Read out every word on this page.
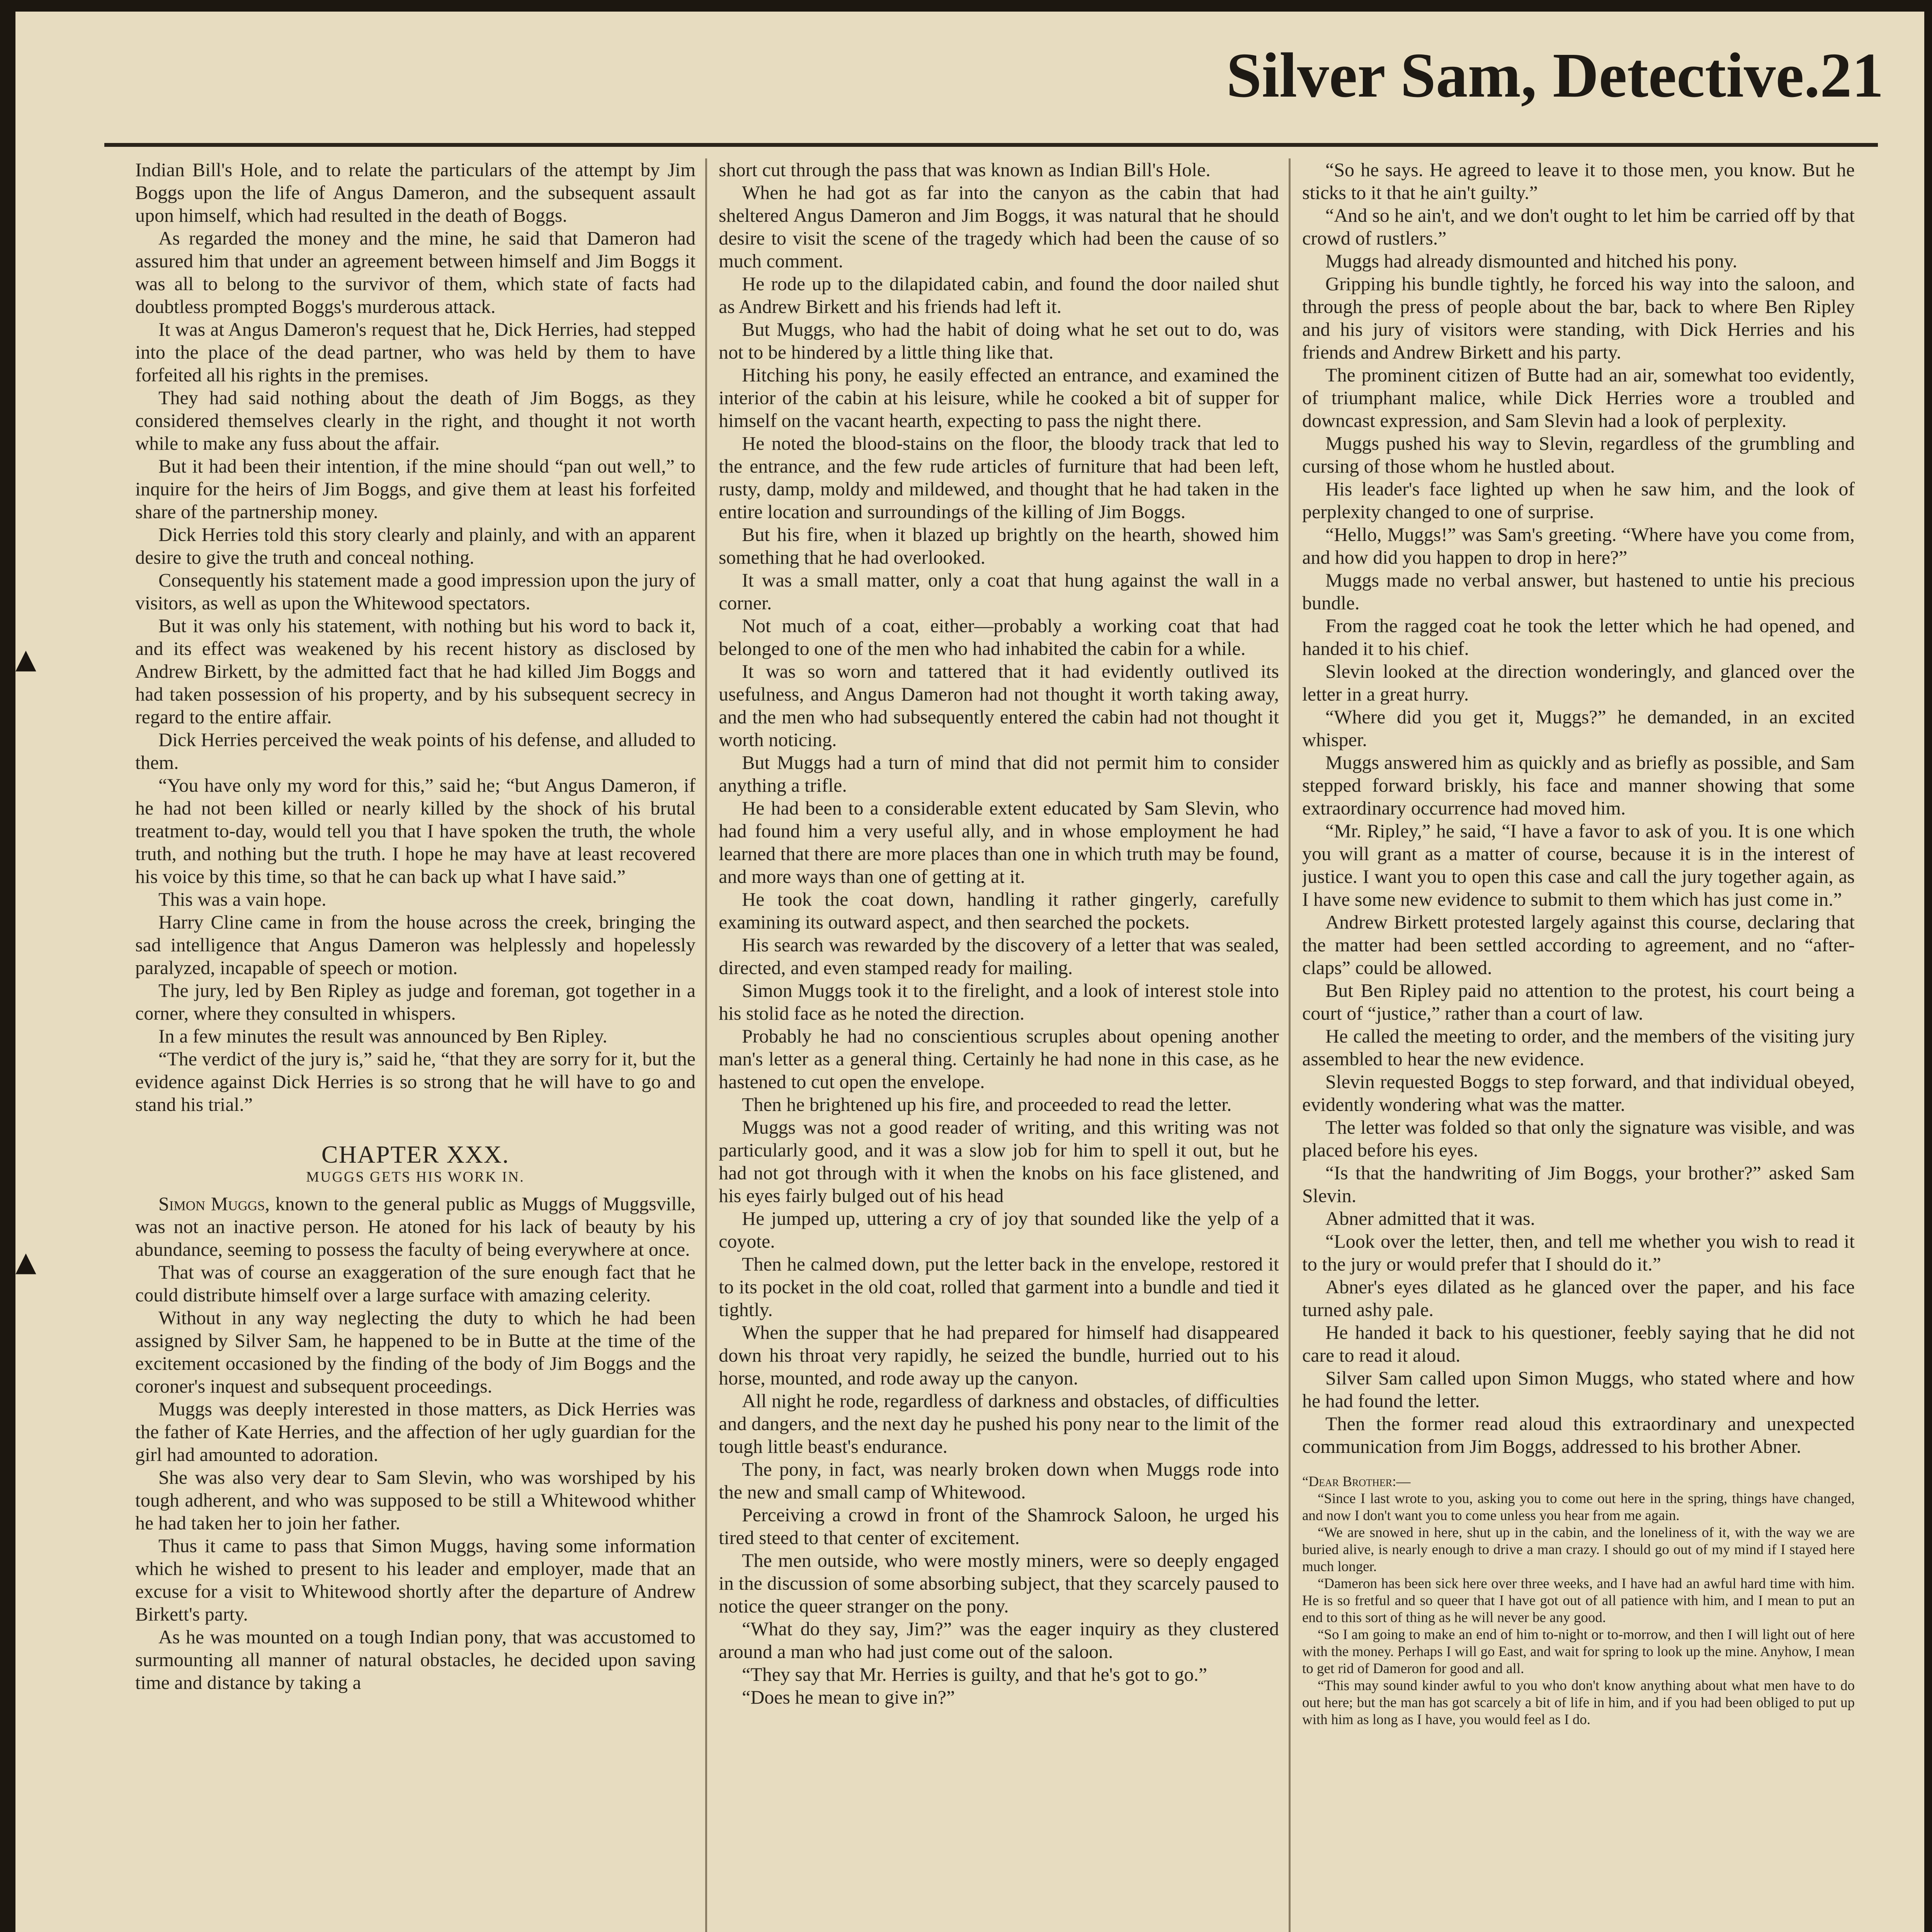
Silver Sam, Detective. 21

Indian Bill's Hole, and to relate the particulars of the attempt by Jim Boggs upon the life of Angus Dameron, and the subsequent assault upon himself, which had resulted in the death of Boggs.

As regarded the money and the mine, he said that Dameron had assured him that under an agreement between himself and Jim Boggs it was all to belong to the survivor of them, which state of facts had doubtless prompted Boggs's murderous attack.

It was at Angus Dameron's request that he, Dick Herries, had stepped into the place of the dead partner, who was held by them to have forfeited all his rights in the premises.

They had said nothing about the death of Jim Boggs, as they considered themselves clearly in the right, and thought it not worth while to make any fuss about the affair.

But it had been their intention, if the mine should “pan out well,” to inquire for the heirs of Jim Boggs, and give them at least his forfeited share of the partnership money.

Dick Herries told this story clearly and plainly, and with an apparent desire to give the truth and conceal nothing.

Consequently his statement made a good impression upon the jury of visitors, as well as upon the Whitewood spectators.

But it was only his statement, with nothing but his word to back it, and its effect was weakened by his recent history as disclosed by Andrew Birkett, by the admitted fact that he had killed Jim Boggs and had taken possession of his property, and by his subsequent secrecy in regard to the entire affair.

Dick Herries perceived the weak points of his defense, and alluded to them.

“You have only my word for this,” said he; “but Angus Dameron, if he had not been killed or nearly killed by the shock of his brutal treatment to-day, would tell you that I have spoken the truth, the whole truth, and nothing but the truth. I hope he may have at least recovered his voice by this time, so that he can back up what I have said.”

This was a vain hope.

Harry Cline came in from the house across the creek, bringing the sad intelligence that Angus Dameron was helplessly and hopelessly paralyzed, incapable of speech or motion.

The jury, led by Ben Ripley as judge and foreman, got together in a corner, where they consulted in whispers.

In a few minutes the result was announced by Ben Ripley.

“The verdict of the jury is,” said he, “that they are sorry for it, but the evidence against Dick Herries is so strong that he will have to go and stand his trial.”

CHAPTER XXX.
MUGGS GETS HIS WORK IN.

Simon Muggs, known to the general public as Muggs of Muggsville, was not an inactive person. He atoned for his lack of beauty by his abundance, seeming to possess the faculty of being everywhere at once.

That was of course an exaggeration of the sure enough fact that he could distribute himself over a large surface with amazing celerity.

Without in any way neglecting the duty to which he had been assigned by Silver Sam, he happened to be in Butte at the time of the excitement occasioned by the finding of the body of Jim Boggs and the coroner's inquest and subsequent proceedings.

Muggs was deeply interested in those matters, as Dick Herries was the father of Kate Herries, and the affection of her ugly guardian for the girl had amounted to adoration.

She was also very dear to Sam Slevin, who was worshiped by his tough adherent, and who was supposed to be still a Whitewood whither he had taken her to join her father.

Thus it came to pass that Simon Muggs, having some information which he wished to present to his leader and employer, made that an excuse for a visit to Whitewood shortly after the departure of Andrew Birkett's party.

As he was mounted on a tough Indian pony, that was accustomed to surmounting all manner of natural obstacles, he decided upon saving time and distance by taking a

short cut through the pass that was known as Indian Bill's Hole.

When he had got as far into the canyon as the cabin that had sheltered Angus Dameron and Jim Boggs, it was natural that he should desire to visit the scene of the tragedy which had been the cause of so much comment.

He rode up to the dilapidated cabin, and found the door nailed shut as Andrew Birkett and his friends had left it.

But Muggs, who had the habit of doing what he set out to do, was not to be hindered by a little thing like that.

Hitching his pony, he easily effected an entrance, and examined the interior of the cabin at his leisure, while he cooked a bit of supper for himself on the vacant hearth, expecting to pass the night there.

He noted the blood-stains on the floor, the bloody track that led to the entrance, and the few rude articles of furniture that had been left, rusty, damp, moldy and mildewed, and thought that he had taken in the entire location and surroundings of the killing of Jim Boggs.

But his fire, when it blazed up brightly on the hearth, showed him something that he had overlooked.

It was a small matter, only a coat that hung against the wall in a corner.

Not much of a coat, either—probably a working coat that had belonged to one of the men who had inhabited the cabin for a while.

It was so worn and tattered that it had evidently outlived its usefulness, and Angus Dameron had not thought it worth taking away, and the men who had subsequently entered the cabin had not thought it worth noticing.

But Muggs had a turn of mind that did not permit him to consider anything a trifle.

He had been to a considerable extent educated by Sam Slevin, who had found him a very useful ally, and in whose employment he had learned that there are more places than one in which truth may be found, and more ways than one of getting at it.

He took the coat down, handling it rather gingerly, carefully examining its outward aspect, and then searched the pockets.

His search was rewarded by the discovery of a letter that was sealed, directed, and even stamped ready for mailing.

Simon Muggs took it to the firelight, and a look of interest stole into his stolid face as he noted the direction.

Probably he had no conscientious scruples about opening another man's letter as a general thing. Certainly he had none in this case, as he hastened to cut open the envelope.

Then he brightened up his fire, and proceeded to read the letter.

Muggs was not a good reader of writing, and this writing was not particularly good, and it was a slow job for him to spell it out, but he had not got through with it when the knobs on his face glistened, and his eyes fairly bulged out of his head

He jumped up, uttering a cry of joy that sounded like the yelp of a coyote.

Then he calmed down, put the letter back in the envelope, restored it to its pocket in the old coat, rolled that garment into a bundle and tied it tightly.

When the supper that he had prepared for himself had disappeared down his throat very rapidly, he seized the bundle, hurried out to his horse, mounted, and rode away up the canyon.

All night he rode, regardless of darkness and obstacles, of difficulties and dangers, and the next day he pushed his pony near to the limit of the tough little beast's endurance.

The pony, in fact, was nearly broken down when Muggs rode into the new and small camp of Whitewood.

Perceiving a crowd in front of the Shamrock Saloon, he urged his tired steed to that center of excitement.

The men outside, who were mostly miners, were so deeply engaged in the discussion of some absorbing subject, that they scarcely paused to notice the queer stranger on the pony.

“What do they say, Jim?” was the eager inquiry as they clustered around a man who had just come out of the saloon.

“They say that Mr. Herries is guilty, and that he's got to go.”

“Does he mean to give in?”

“So he says. He agreed to leave it to those men, you know. But he sticks to it that he ain't guilty.”

“And so he ain't, and we don't ought to let him be carried off by that crowd of rustlers.”

Muggs had already dismounted and hitched his pony.

Gripping his bundle tightly, he forced his way into the saloon, and through the press of people about the bar, back to where Ben Ripley and his jury of visitors were standing, with Dick Herries and his friends and Andrew Birkett and his party.

The prominent citizen of Butte had an air, somewhat too evidently, of triumphant malice, while Dick Herries wore a troubled and downcast expression, and Sam Slevin had a look of perplexity.

Muggs pushed his way to Slevin, regardless of the grumbling and cursing of those whom he hustled about.

His leader's face lighted up when he saw him, and the look of perplexity changed to one of surprise.

“Hello, Muggs!” was Sam's greeting. “Where have you come from, and how did you happen to drop in here?”

Muggs made no verbal answer, but hastened to untie his precious bundle.

From the ragged coat he took the letter which he had opened, and handed it to his chief.

Slevin looked at the direction wonderingly, and glanced over the letter in a great hurry.

“Where did you get it, Muggs?” he demanded, in an excited whisper.

Muggs answered him as quickly and as briefly as possible, and Sam stepped forward briskly, his face and manner showing that some extraordinary occurrence had moved him.

“Mr. Ripley,” he said, “I have a favor to ask of you. It is one which you will grant as a matter of course, because it is in the interest of justice. I want you to open this case and call the jury together again, as I have some new evidence to submit to them which has just come in.”

Andrew Birkett protested largely against this course, declaring that the matter had been settled according to agreement, and no “after-claps” could be allowed.

But Ben Ripley paid no attention to the protest, his court being a court of “justice,” rather than a court of law.

He called the meeting to order, and the members of the visiting jury assembled to hear the new evidence.

Slevin requested Boggs to step forward, and that individual obeyed, evidently wondering what was the matter.

The letter was folded so that only the signature was visible, and was placed before his eyes.

“Is that the handwriting of Jim Boggs, your brother?” asked Sam Slevin.

Abner admitted that it was.

“Look over the letter, then, and tell me whether you wish to read it to the jury or would prefer that I should do it.”

Abner's eyes dilated as he glanced over the paper, and his face turned ashy pale.

He handed it back to his questioner, feebly saying that he did not care to read it aloud.

Silver Sam called upon Simon Muggs, who stated where and how he had found the letter.

Then the former read aloud this extraordinary and unexpected communication from Jim Boggs, addressed to his brother Abner.

“Dear Brother:—

“Since I last wrote to you, asking you to come out here in the spring, things have changed, and now I don't want you to come unless you hear from me again.

“We are snowed in here, shut up in the cabin, and the loneliness of it, with the way we are buried alive, is nearly enough to drive a man crazy. I should go out of my mind if I stayed here much longer.

“Dameron has been sick here over three weeks, and I have had an awful hard time with him. He is so fretful and so queer that I have got out of all patience with him, and I mean to put an end to this sort of thing as he will never be any good.

“So I am going to make an end of him to-night or to-morrow, and then I will light out of here with the money. Perhaps I will go East, and wait for spring to look up the mine. Anyhow, I mean to get rid of Dameron for good and all.

“This may sound kinder awful to you who don't know anything about what men have to do out here; but the man has got scarcely a bit of life in him, and if you had been obliged to put up with him as long as I have, you would feel as I do.

▲
▲
